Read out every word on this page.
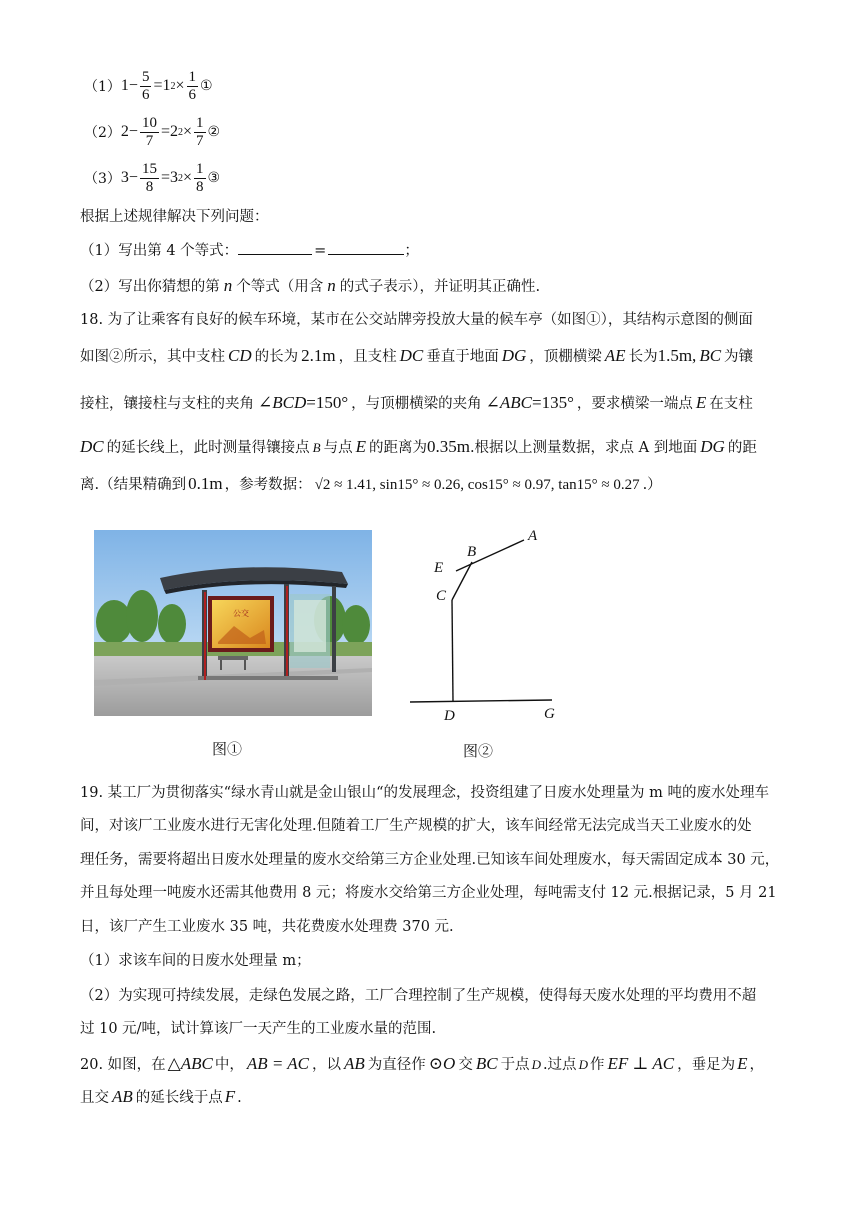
（1） $1 - \frac{5}{6} = 1$ $2 \times \frac{1}{6}$ ①
（2） $2 - \frac{10}{7} = 2$ $2 \times \frac{1}{7}$ ②
（3） $3 - \frac{15}{8} = 3$ $2 \times \frac{1}{8}$ ③
根据上述规律解决下列问题：
（1）写出第 4 个等式：	=	；
（2）写出你猜想的第 n 个等式（用含 n 的式子表示），并证明其正确性.
18. 为了让乘客有良好的候车环境，某市在公交站牌旁投放大量的候车亭（如图①），其结构示意图的侧面
如图②所示，其中支柱 CD 的长为 2.1m ，且支柱 DC 垂直于地面 DG ，顶棚横梁 AE 长为1.5m, BC 为镶
接柱，镶接柱与支柱的夹角 ∠BCD=150° ，与顶棚横梁的夹角 ∠ABC=135° ，要求横梁一端点 E 在支柱
DC 的延长线上，此时测量得镶接点 B 与点 E 的距离为0.35m.根据以上测量数据，求点 A 到地面 DG 的距
离.（结果精确到 0.1m ，参考数据： √2 ≈ 1.41, sin15° ≈ 0.26, cos15° ≈ 0.97, tan15° ≈ 0.27 .）
公交
A
B
E
C
D	G
图①	图②
19. 某工厂为贯彻落实“绿水青山就是金山银山“的发展理念，投资组建了日废水处理量为 m 吨的废水处理车
间，对该厂工业废水进行无害化处理.但随着工厂生产规模的扩大，该车间经常无法完成当天工业废水的处
理任务，需要将超出日废水处理量的废水交给第三方企业处理.已知该车间处理废水，每天需固定成本 30 元，
并且每处理一吨废水还需其他费用 8 元；将废水交给第三方企业处理，每吨需支付 12 元.根据记录，5 月 21
日，该厂产生工业废水 35 吨，共花费废水处理费 370 元.
（1）求该车间的日废水处理量 m；
（2）为实现可持续发展，走绿色发展之路，工厂合理控制了生产规模，使得每天废水处理的平均费用不超
过 10 元/吨，试计算该厂一天产生的工业废水量的范围.
20. 如图，在 △ABC 中， AB = AC ，以 AB 为直径作 ⊙O 交 BC 于点 D .过点 D 作 EF ⊥ AC ，垂足为 E ，
且交 AB 的延长线于点 F .
